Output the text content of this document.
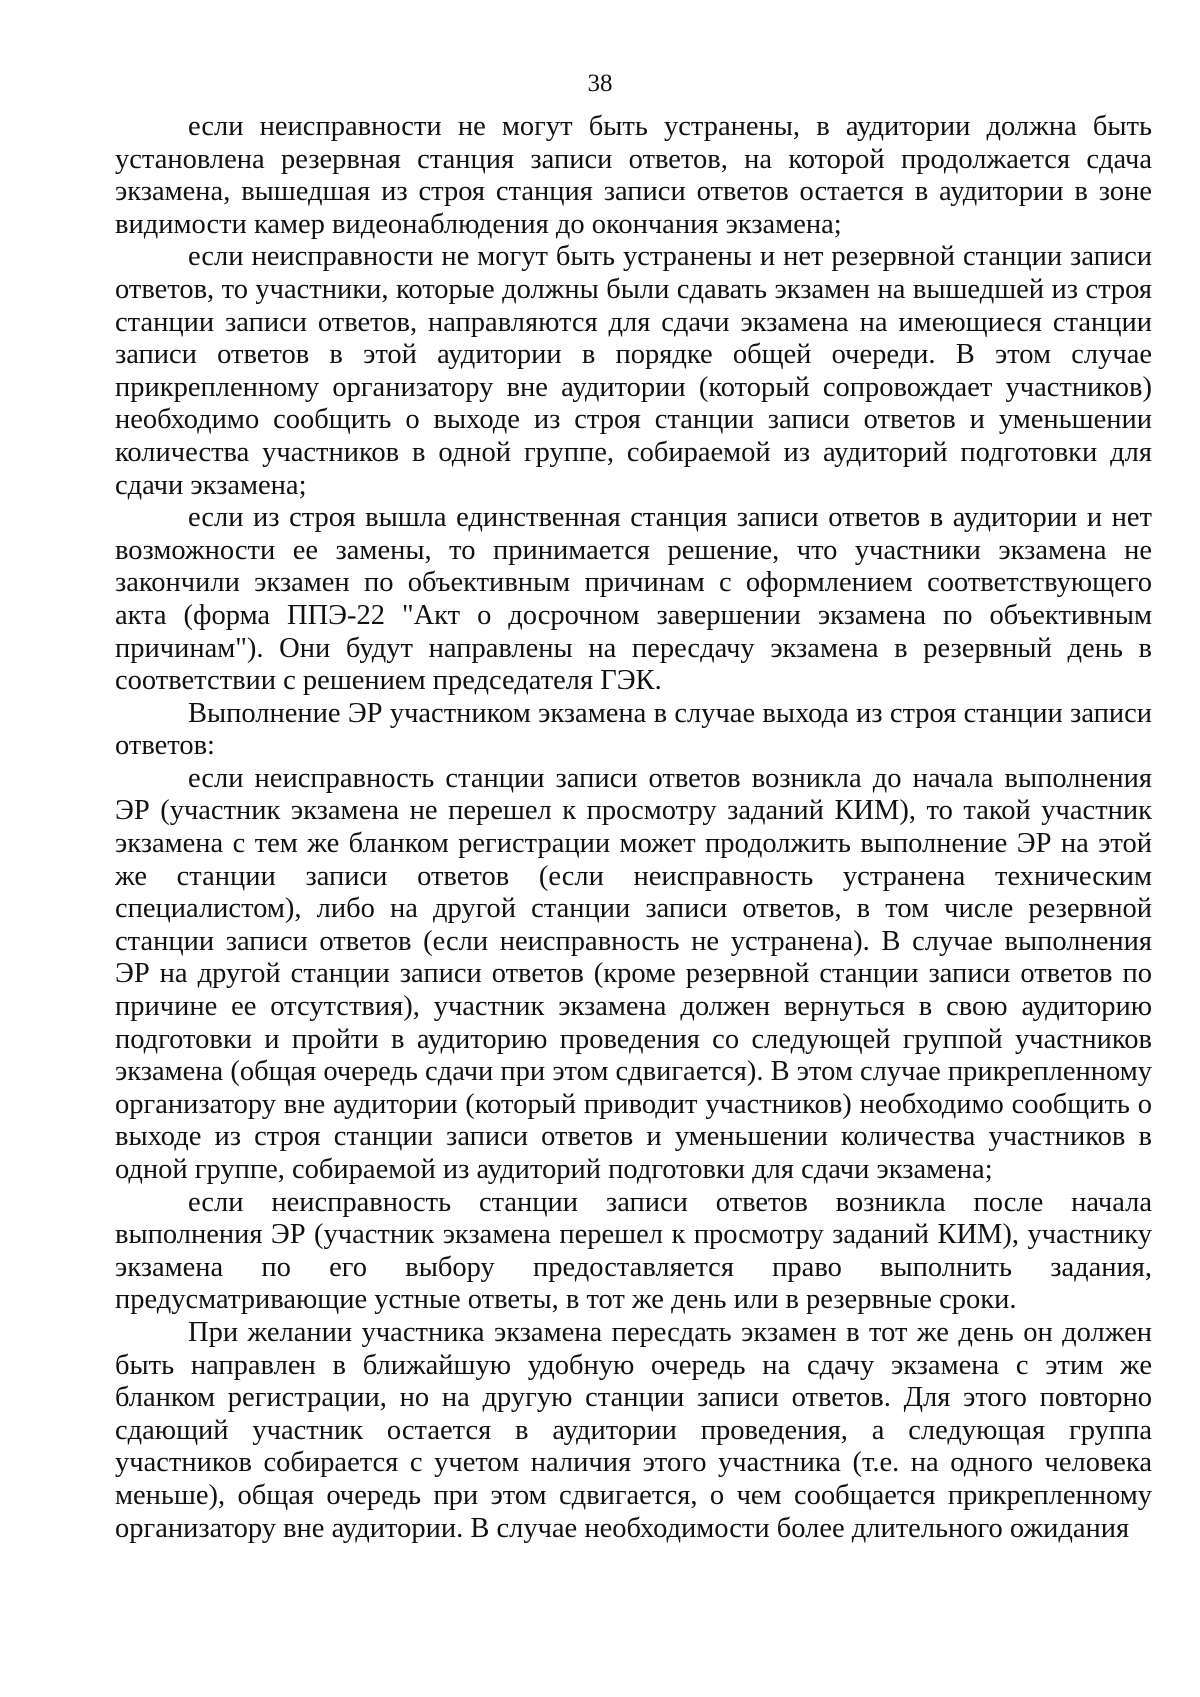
38

если неисправности не могут быть устранены, в аудитории должна быть установлена резервная станция записи ответов, на которой продолжается сдача экзамена, вышедшая из строя станция записи ответов остается в аудитории в зоне видимости камер видеонаблюдения до окончания экзамена;

если неисправности не могут быть устранены и нет резервной станции записи ответов, то участники, которые должны были сдавать экзамен на вышедшей из строя станции записи ответов, направляются для сдачи экзамена на имеющиеся станции записи ответов в этой аудитории в порядке общей очереди. В этом случае прикрепленному организатору вне аудитории (который сопровождает участников) необходимо сообщить о выходе из строя станции записи ответов и уменьшении количества участников в одной группе, собираемой из аудиторий подготовки для сдачи экзамена;

если из строя вышла единственная станция записи ответов в аудитории и нет возможности ее замены, то принимается решение, что участники экзамена не закончили экзамен по объективным причинам с оформлением соответствующего акта (форма ППЭ-22 "Акт о досрочном завершении экзамена по объективным причинам"). Они будут направлены на пересдачу экзамена в резервный день в соответствии с решением председателя ГЭК.

Выполнение ЭР участником экзамена в случае выхода из строя станции записи ответов:

если неисправность станции записи ответов возникла до начала выполнения ЭР (участник экзамена не перешел к просмотру заданий КИМ), то такой участник экзамена с тем же бланком регистрации может продолжить выполнение ЭР на этой же станции записи ответов (если неисправность устранена техническим специалистом), либо на другой станции записи ответов, в том числе резервной станции записи ответов (если неисправность не устранена). В случае выполнения ЭР на другой станции записи ответов (кроме резервной станции записи ответов по причине ее отсутствия), участник экзамена должен вернуться в свою аудиторию подготовки и пройти в аудиторию проведения со следующей группой участников экзамена (общая очередь сдачи при этом сдвигается). В этом случае прикрепленному организатору вне аудитории (который приводит участников) необходимо сообщить о выходе из строя станции записи ответов и уменьшении количества участников в одной группе, собираемой из аудиторий подготовки для сдачи экзамена;

если неисправность станции записи ответов возникла после начала выполнения ЭР (участник экзамена перешел к просмотру заданий КИМ), участнику экзамена по его выбору предоставляется право выполнить задания, предусматривающие устные ответы, в тот же день или в резервные сроки.

При желании участника экзамена пересдать экзамен в тот же день он должен быть направлен в ближайшую удобную очередь на сдачу экзамена с этим же бланком регистрации, но на другую станции записи ответов. Для этого повторно сдающий участник остается в аудитории проведения, а следующая группа участников собирается с учетом наличия этого участника (т.е. на одного человека меньше), общая очередь при этом сдвигается, о чем сообщается прикрепленному организатору вне аудитории. В случае необходимости более длительного ожидания
